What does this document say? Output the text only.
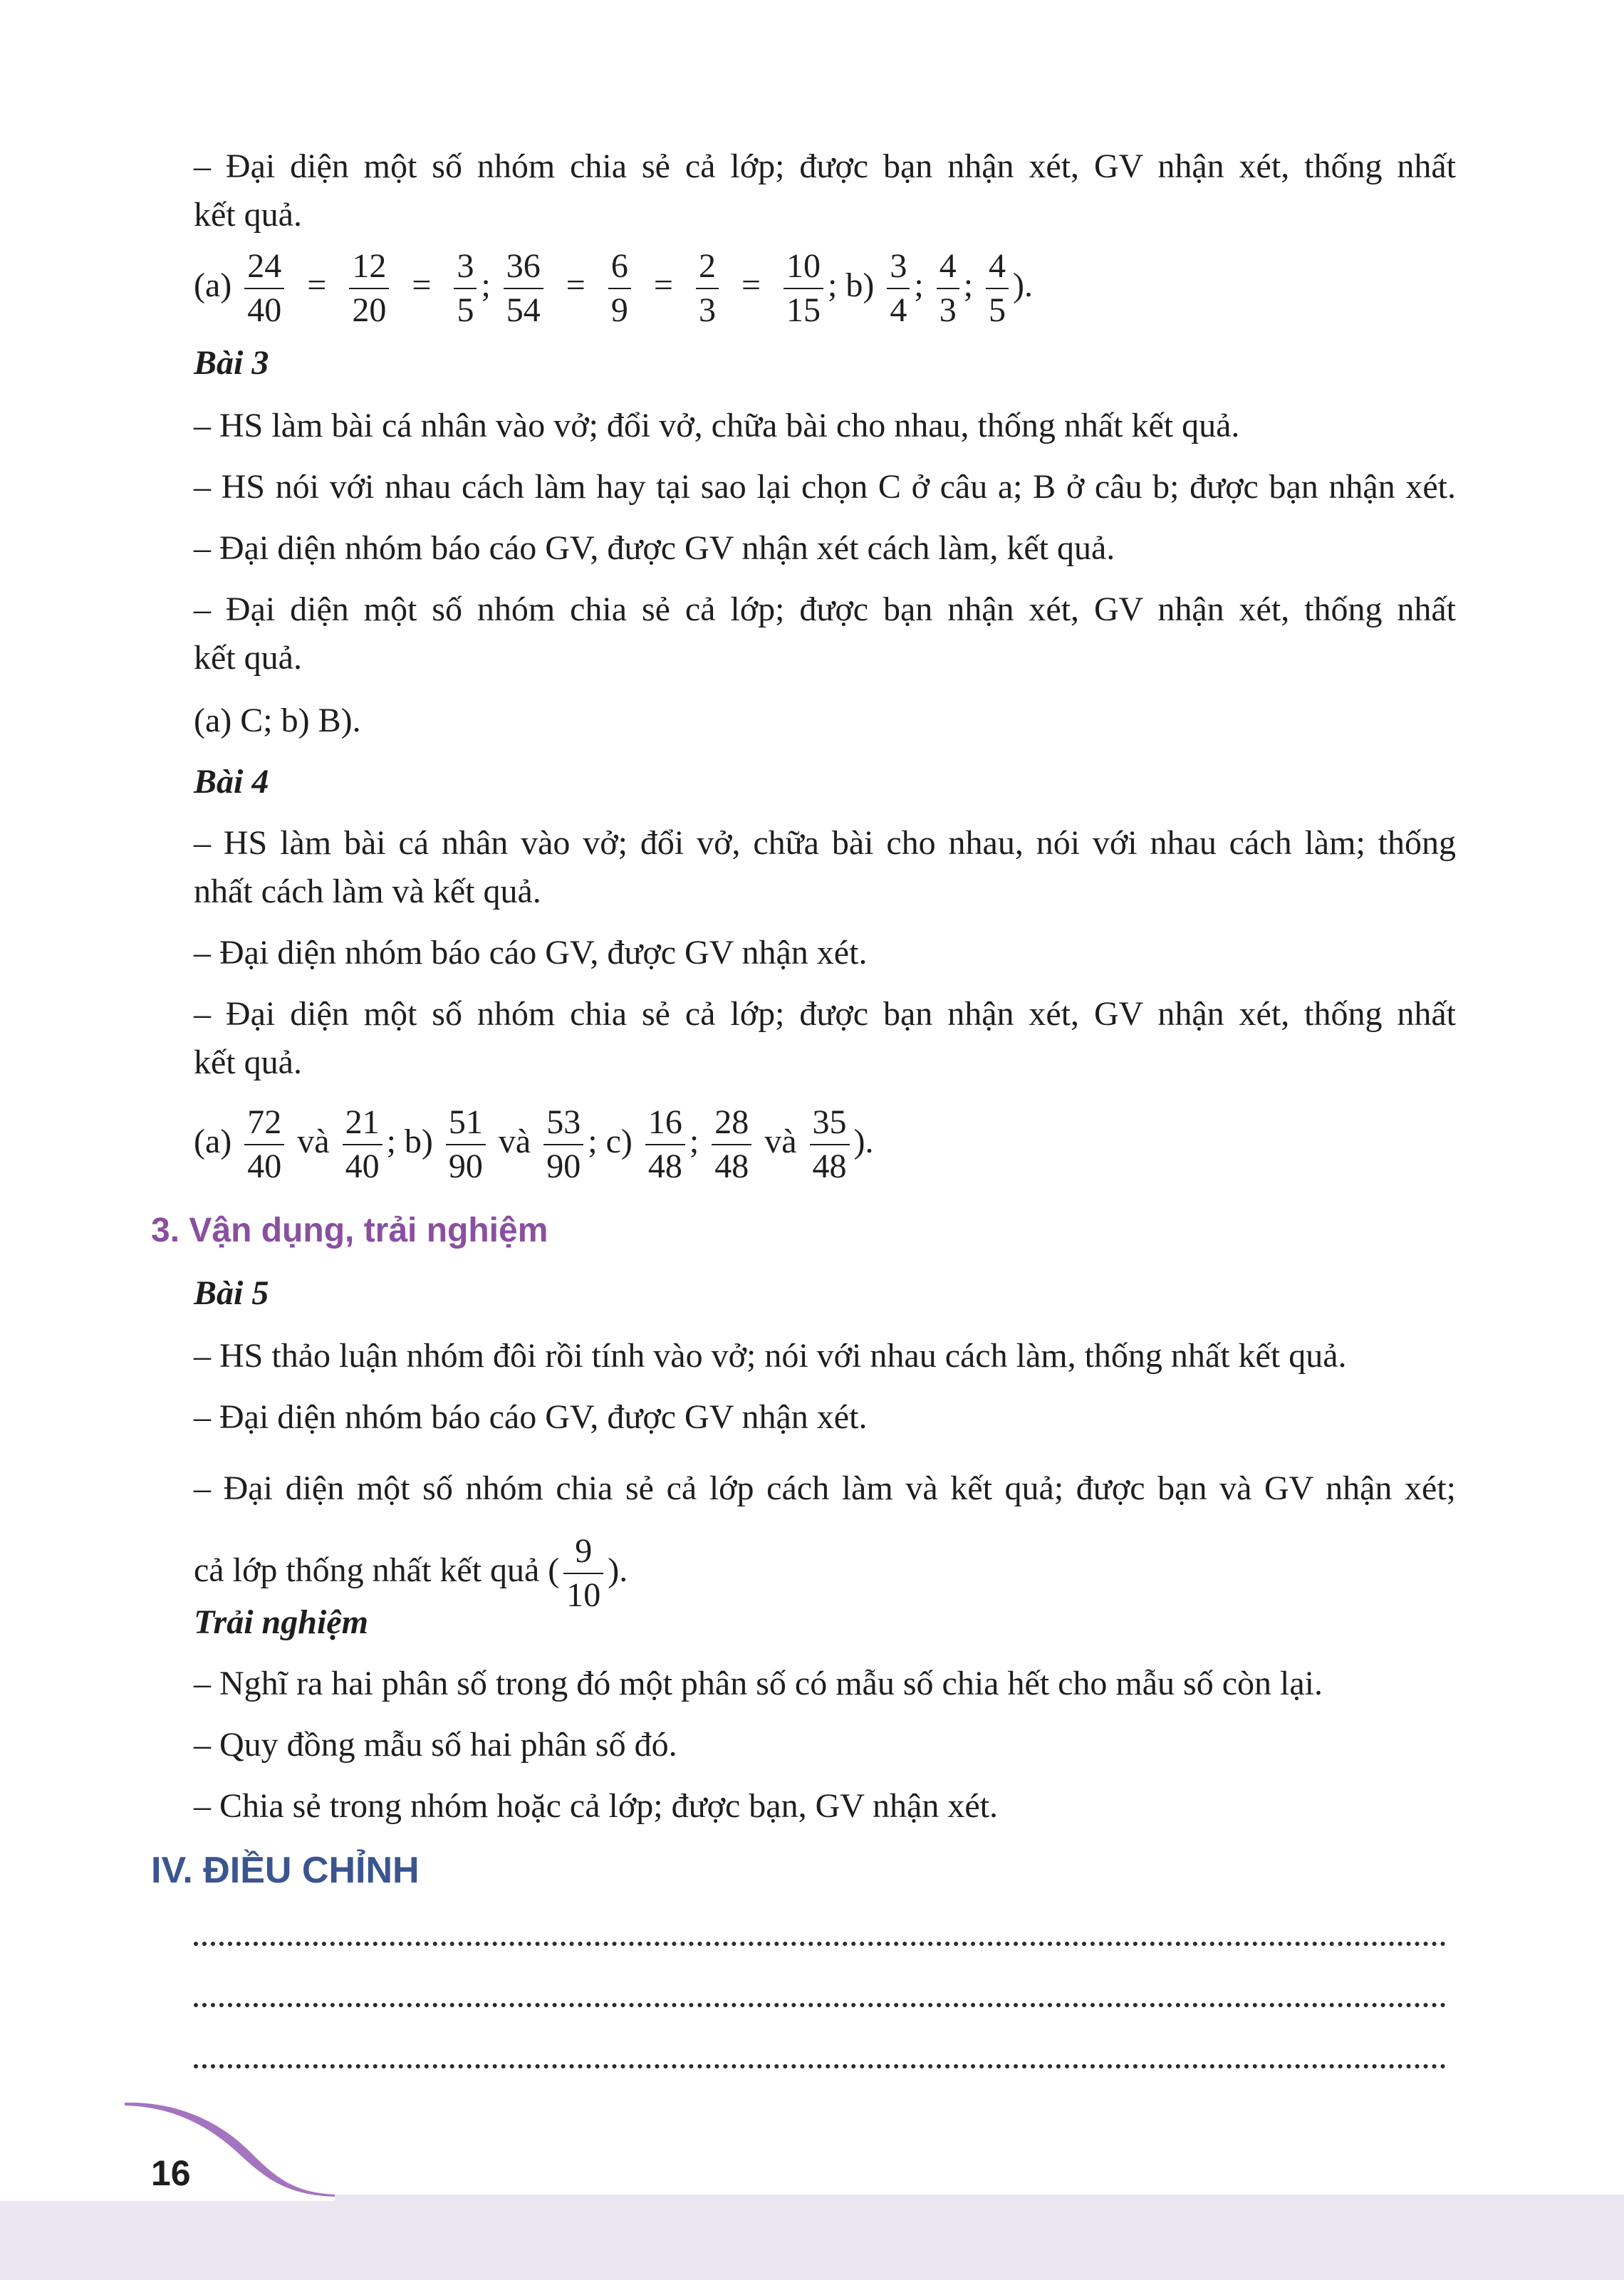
– Đại diện một số nhóm chia sẻ cả lớp; được bạn nhận xét, GV nhận xét, thống nhất
kết quả.
$(a) \frac{24}{40} = \frac{12}{20} = \frac{3}{5}$ ; $\frac{36}{54} = \frac{6}{9} = \frac{2}{3} = \frac{10}{15}$ ; $b) \frac{3}{4}$ ; $\frac{4}{3}$ ; $\frac{4}{5}$ ).
Bài 3
– HS làm bài cá nhân vào vở; đổi vở, chữa bài cho nhau, thống nhất kết quả.
– HS nói với nhau cách làm hay tại sao lại chọn C ở câu a; B ở câu b; được bạn nhận xét.
– Đại diện nhóm báo cáo GV, được GV nhận xét cách làm, kết quả.
– Đại diện một số nhóm chia sẻ cả lớp; được bạn nhận xét, GV nhận xét, thống nhất
kết quả.
(a) C; b) B).
Bài 4
– HS làm bài cá nhân vào vở; đổi vở, chữa bài cho nhau, nói với nhau cách làm; thống
nhất cách làm và kết quả.
– Đại diện nhóm báo cáo GV, được GV nhận xét.
– Đại diện một số nhóm chia sẻ cả lớp; được bạn nhận xét, GV nhận xét, thống nhất
kết quả.
$(a) \frac{72}{40}$ và $\frac{21}{40}$ ; $b) \frac{51}{90}$ và $\frac{53}{90}$ ; $c) \frac{16}{48}$ ; $\frac{28}{48}$ và $\frac{35}{48}$ ).
Bài 5
– HS thảo luận nhóm đôi rồi tính vào vở; nói với nhau cách làm, thống nhất kết quả.
– Đại diện nhóm báo cáo GV, được GV nhận xét.
– Đại diện một số nhóm chia sẻ cả lớp cách làm và kết quả; được bạn và GV nhận xét;
cả lớp thống nhất kết quả ( $\frac{9}{10}$ ).
Trải nghiệm
– Nghĩ ra hai phân số trong đó một phân số có mẫu số chia hết cho mẫu số còn lại.
– Quy đồng mẫu số hai phân số đó.
– Chia sẻ trong nhóm hoặc cả lớp; được bạn, GV nhận xét.
3. Vận dụng, trải nghiệm
IV. ĐIỀU CHỈNH
16
